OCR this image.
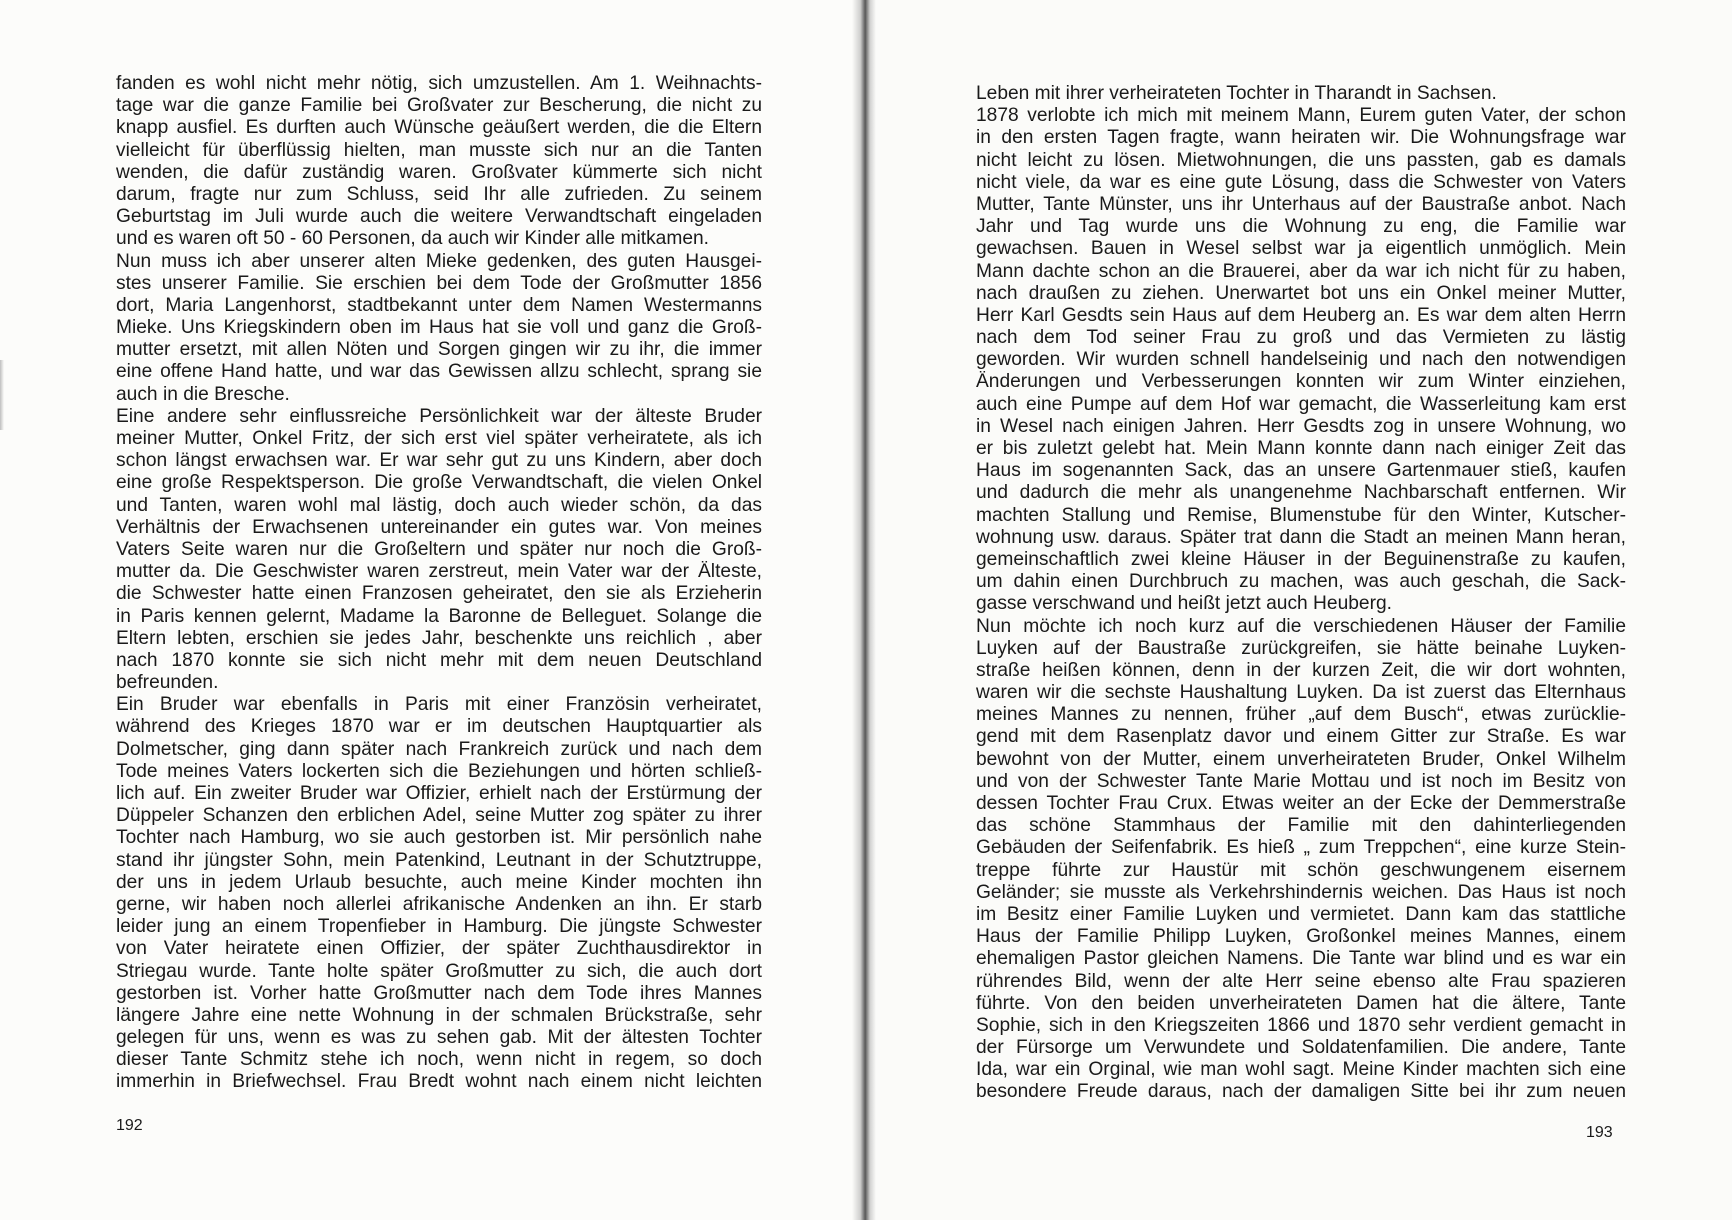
fanden es wohl nicht mehr nötig, sich umzustellen. Am 1. Weihnachts-
tage war die ganze Familie bei Großvater zur Bescherung, die nicht zu
knapp ausfiel. Es durften auch Wünsche geäußert werden, die die Eltern
vielleicht für überflüssig hielten, man musste sich nur an die Tanten
wenden, die dafür zuständig waren. Großvater kümmerte sich nicht
darum, fragte nur zum Schluss, seid Ihr alle zufrieden. Zu seinem
Geburtstag im Juli wurde auch die weitere Verwandtschaft eingeladen
und es waren oft 50 - 60 Personen, da auch wir Kinder alle mitkamen.
Nun muss ich aber unserer alten Mieke gedenken, des guten Hausgei-
stes unserer Familie. Sie erschien bei dem Tode der Großmutter 1856
dort, Maria Langenhorst, stadtbekannt unter dem Namen Westermanns
Mieke. Uns Kriegskindern oben im Haus hat sie voll und ganz die Groß-
mutter ersetzt, mit allen Nöten und Sorgen gingen wir zu ihr, die immer
eine offene Hand hatte, und war das Gewissen allzu schlecht, sprang sie
auch in die Bresche.
Eine andere sehr einflussreiche Persönlichkeit war der älteste Bruder
meiner Mutter, Onkel Fritz, der sich erst viel später verheiratete, als ich
schon längst erwachsen war. Er war sehr gut zu uns Kindern, aber doch
eine große Respektsperson. Die große Verwandtschaft, die vielen Onkel
und Tanten, waren wohl mal lästig, doch auch wieder schön, da das
Verhältnis der Erwachsenen untereinander ein gutes war. Von meines
Vaters Seite waren nur die Großeltern und später nur noch die Groß-
mutter da. Die Geschwister waren zerstreut, mein Vater war der Älteste,
die Schwester hatte einen Franzosen geheiratet, den sie als Erzieherin
in Paris kennen gelernt, Madame la Baronne de Belleguet. Solange die
Eltern lebten, erschien sie jedes Jahr, beschenkte uns reichlich , aber
nach 1870 konnte sie sich nicht mehr mit dem neuen Deutschland
befreunden.
Ein Bruder war ebenfalls in Paris mit einer Französin verheiratet,
während des Krieges 1870 war er im deutschen Hauptquartier als
Dolmetscher, ging dann später nach Frankreich zurück und nach dem
Tode meines Vaters lockerten sich die Beziehungen und hörten schließ-
lich auf. Ein zweiter Bruder war Offizier, erhielt nach der Erstürmung der
Düppeler Schanzen den erblichen Adel, seine Mutter zog später zu ihrer
Tochter nach Hamburg, wo sie auch gestorben ist. Mir persönlich nahe
stand ihr jüngster Sohn, mein Patenkind, Leutnant in der Schutztruppe,
der uns in jedem Urlaub besuchte, auch meine Kinder mochten ihn
gerne, wir haben noch allerlei afrikanische Andenken an ihn. Er starb
leider jung an einem Tropenfieber in Hamburg. Die jüngste Schwester
von Vater heiratete einen Offizier, der später Zuchthausdirektor in
Striegau wurde. Tante holte später Großmutter zu sich, die auch dort
gestorben ist. Vorher hatte Großmutter nach dem Tode ihres Mannes
längere Jahre eine nette Wohnung in der schmalen Brückstraße, sehr
gelegen für uns, wenn es was zu sehen gab. Mit der ältesten Tochter
dieser Tante Schmitz stehe ich noch, wenn nicht in regem, so doch
immerhin in Briefwechsel. Frau Bredt wohnt nach einem nicht leichten
192
Leben mit ihrer verheirateten Tochter in Tharandt in Sachsen.
1878 verlobte ich mich mit meinem Mann, Eurem guten Vater, der schon
in den ersten Tagen fragte, wann heiraten wir. Die Wohnungsfrage war
nicht leicht zu lösen. Mietwohnungen, die uns passten, gab es damals
nicht viele, da war es eine gute Lösung, dass die Schwester von Vaters
Mutter, Tante Münster, uns ihr Unterhaus auf der Baustraße anbot. Nach
Jahr und Tag wurde uns die Wohnung zu eng, die Familie war
gewachsen. Bauen in Wesel selbst war ja eigentlich unmöglich. Mein
Mann dachte schon an die Brauerei, aber da war ich nicht für zu haben,
nach draußen zu ziehen. Unerwartet bot uns ein Onkel meiner Mutter,
Herr Karl Gesdts sein Haus auf dem Heuberg an. Es war dem alten Herrn
nach dem Tod seiner Frau zu groß und das Vermieten zu lästig
geworden. Wir wurden schnell handelseinig und nach den notwendigen
Änderungen und Verbesserungen konnten wir zum Winter einziehen,
auch eine Pumpe auf dem Hof war gemacht, die Wasserleitung kam erst
in Wesel nach einigen Jahren. Herr Gesdts zog in unsere Wohnung, wo
er bis zuletzt gelebt hat. Mein Mann konnte dann nach einiger Zeit das
Haus im sogenannten Sack, das an unsere Gartenmauer stieß, kaufen
und dadurch die mehr als unangenehme Nachbarschaft entfernen. Wir
machten Stallung und Remise, Blumenstube für den Winter, Kutscher-
wohnung usw. daraus. Später trat dann die Stadt an meinen Mann heran,
gemeinschaftlich zwei kleine Häuser in der Beguinenstraße zu kaufen,
um dahin einen Durchbruch zu machen, was auch geschah, die Sack-
gasse verschwand und heißt jetzt auch Heuberg.
Nun möchte ich noch kurz auf die verschiedenen Häuser der Familie
Luyken auf der Baustraße zurückgreifen, sie hätte beinahe Luyken-
straße heißen können, denn in der kurzen Zeit, die wir dort wohnten,
waren wir die sechste Haushaltung Luyken. Da ist zuerst das Elternhaus
meines Mannes zu nennen, früher „auf dem Busch“, etwas zurücklie-
gend mit dem Rasenplatz davor und einem Gitter zur Straße. Es war
bewohnt von der Mutter, einem unverheirateten Bruder, Onkel Wilhelm
und von der Schwester Tante Marie Mottau und ist noch im Besitz von
dessen Tochter Frau Crux. Etwas weiter an der Ecke der Demmerstraße
das schöne Stammhaus der Familie mit den dahinterliegenden
Gebäuden der Seifenfabrik. Es hieß „ zum Treppchen“, eine kurze Stein-
treppe führte zur Haustür mit schön geschwungenem eisernem
Geländer; sie musste als Verkehrshindernis weichen. Das Haus ist noch
im Besitz einer Familie Luyken und vermietet. Dann kam das stattliche
Haus der Familie Philipp Luyken, Großonkel meines Mannes, einem
ehemaligen Pastor gleichen Namens. Die Tante war blind und es war ein
rührendes Bild, wenn der alte Herr seine ebenso alte Frau spazieren
führte. Von den beiden unverheirateten Damen hat die ältere, Tante
Sophie, sich in den Kriegszeiten 1866 und 1870 sehr verdient gemacht in
der Fürsorge um Verwundete und Soldatenfamilien. Die andere, Tante
Ida, war ein Orginal, wie man wohl sagt. Meine Kinder machten sich eine
besondere Freude daraus, nach der damaligen Sitte bei ihr zum neuen
193
